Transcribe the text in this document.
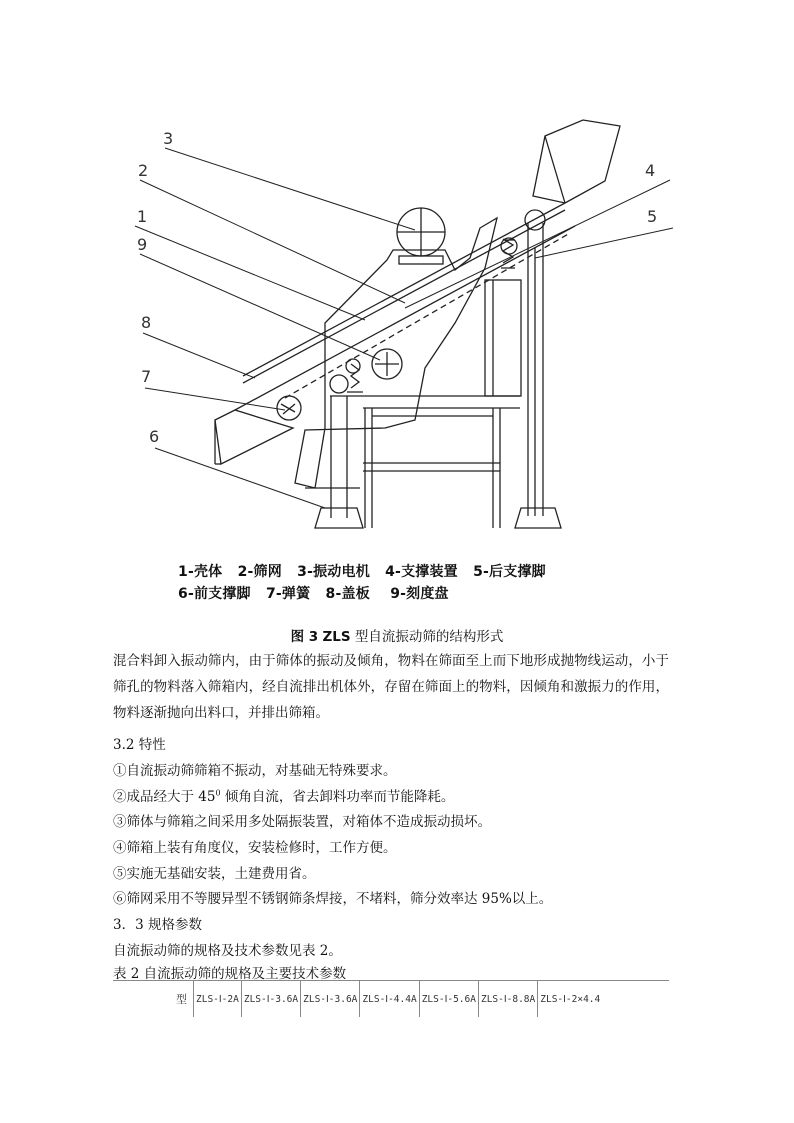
3
2
1
9
8
7
6
4
5
1-壳体   2-筛网   3-振动电机   4-支撑装置   5-后支撑脚
6-前支撑脚   7-弹簧   8-盖板    9-刻度盘
图 3 ZLS 型自流振动筛的结构形式
混合料卸入振动筛内，由于筛体的振动及倾角，物料在筛面至上而下地形成抛物线运动，小于筛孔的物料落入筛箱内，经自流排出机体外，存留在筛面上的物料，因倾角和激振力的作用，物料逐渐抛向出料口，并排出筛箱。
3.2 特性
①自流振动筛筛箱不振动，对基础无特殊要求。
②成品经大于 $45^0$ 倾角自流，省去卸料功率而节能降耗。
③筛体与筛箱之间采用多处隔振装置，对箱体不造成振动损坏。
④筛箱上装有角度仪，安装检修时，工作方便。
⑤实施无基础安装，土建费用省。
⑥筛网采用不等腰异型不锈钢筛条焊接，不堵料，筛分效率达 95%以上。
3．3 规格参数
自流振动筛的规格及技术参数见表 2。
表 2 自流振动筛的规格及主要技术参数
型	ZLS-Ⅰ-2A	ZLS-Ⅰ-3.6A	ZLS-Ⅰ-3.6A	ZLS-Ⅰ-4.4A	ZLS-Ⅰ-5.6A	ZLS-Ⅰ-8.8A	ZLS-Ⅰ-2×4.4
